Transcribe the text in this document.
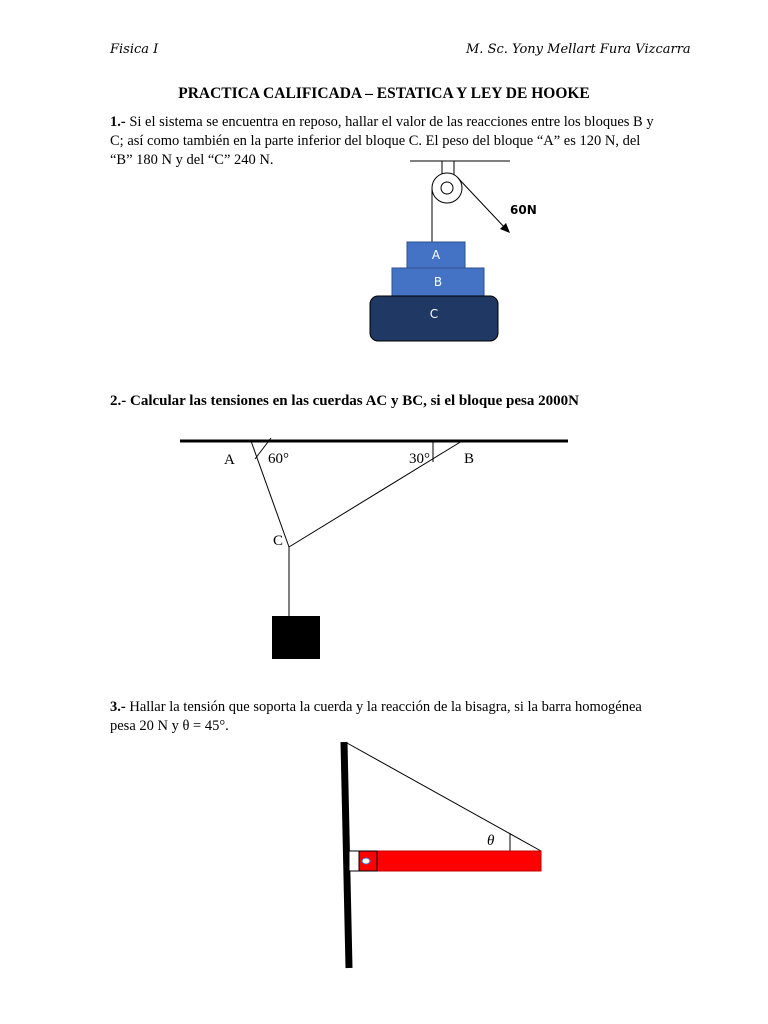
Fisica I	M. Sc. Yony Mellart Fura Vizcarra
PRACTICA CALIFICADA – ESTATICA Y LEY DE HOOKE
1.- Si el sistema se encuentra en reposo, hallar el valor de las reacciones entre los bloques B y C; así como también en la parte inferior del bloque C. El peso del bloque “A” es 120 N, del “B” 180 N y del “C” 240 N.
2.- Calcular las tensiones en las cuerdas AC y BC, si el bloque pesa 2000N
3.- Hallar la tensión que soporta la cuerda y la reacción de la bisagra, si la barra homogénea pesa 20 N y θ = 45°.
60N
A
B
C
A 60°	30° B
C
θ
